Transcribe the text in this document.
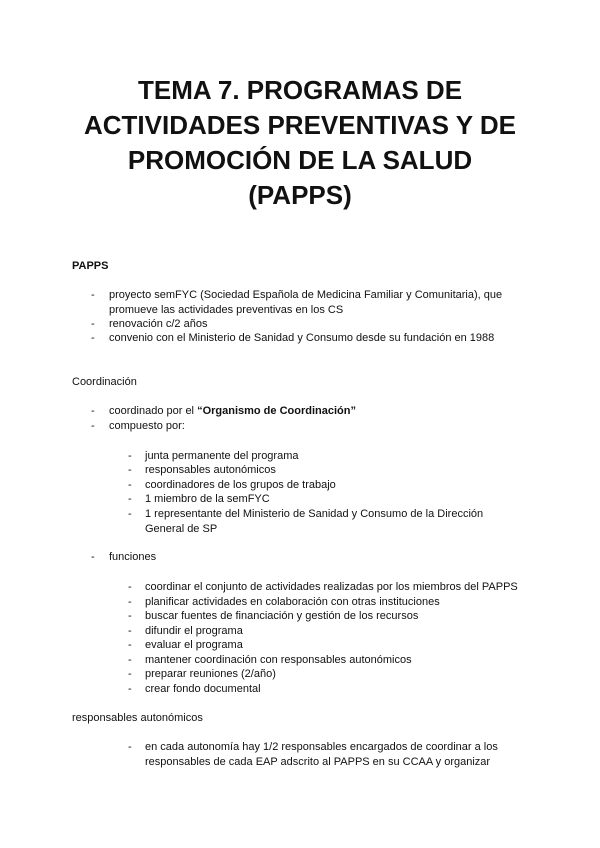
TEMA 7. PROGRAMAS DE
ACTIVIDADES PREVENTIVAS Y DE
PROMOCIÓN DE LA SALUD
(PAPPS)
PAPPS
- proyecto semFYC (Sociedad Española de Medicina Familiar y Comunitaria), que
promueve las actividades preventivas en los CS
- renovación c/2 años
- convenio con el Ministerio de Sanidad y Consumo desde su fundación en 1988
Coordinación
- coordinado por el “Organismo de Coordinación”
- compuesto por:
- junta permanente del programa
- responsables autonómicos
- coordinadores de los grupos de trabajo
- 1 miembro de la semFYC
- 1 representante del Ministerio de Sanidad y Consumo de la Dirección
General de SP
- funciones
- coordinar el conjunto de actividades realizadas por los miembros del PAPPS
- planificar actividades en colaboración con otras instituciones
- buscar fuentes de financiación y gestión de los recursos
- difundir el programa
- evaluar el programa
- mantener coordinación con responsables autonómicos
- preparar reuniones (2/año)
- crear fondo documental
responsables autonómicos
- en cada autonomía hay 1/2 responsables encargados de coordinar a los
responsables de cada EAP adscrito al PAPPS en su CCAA y organizar
